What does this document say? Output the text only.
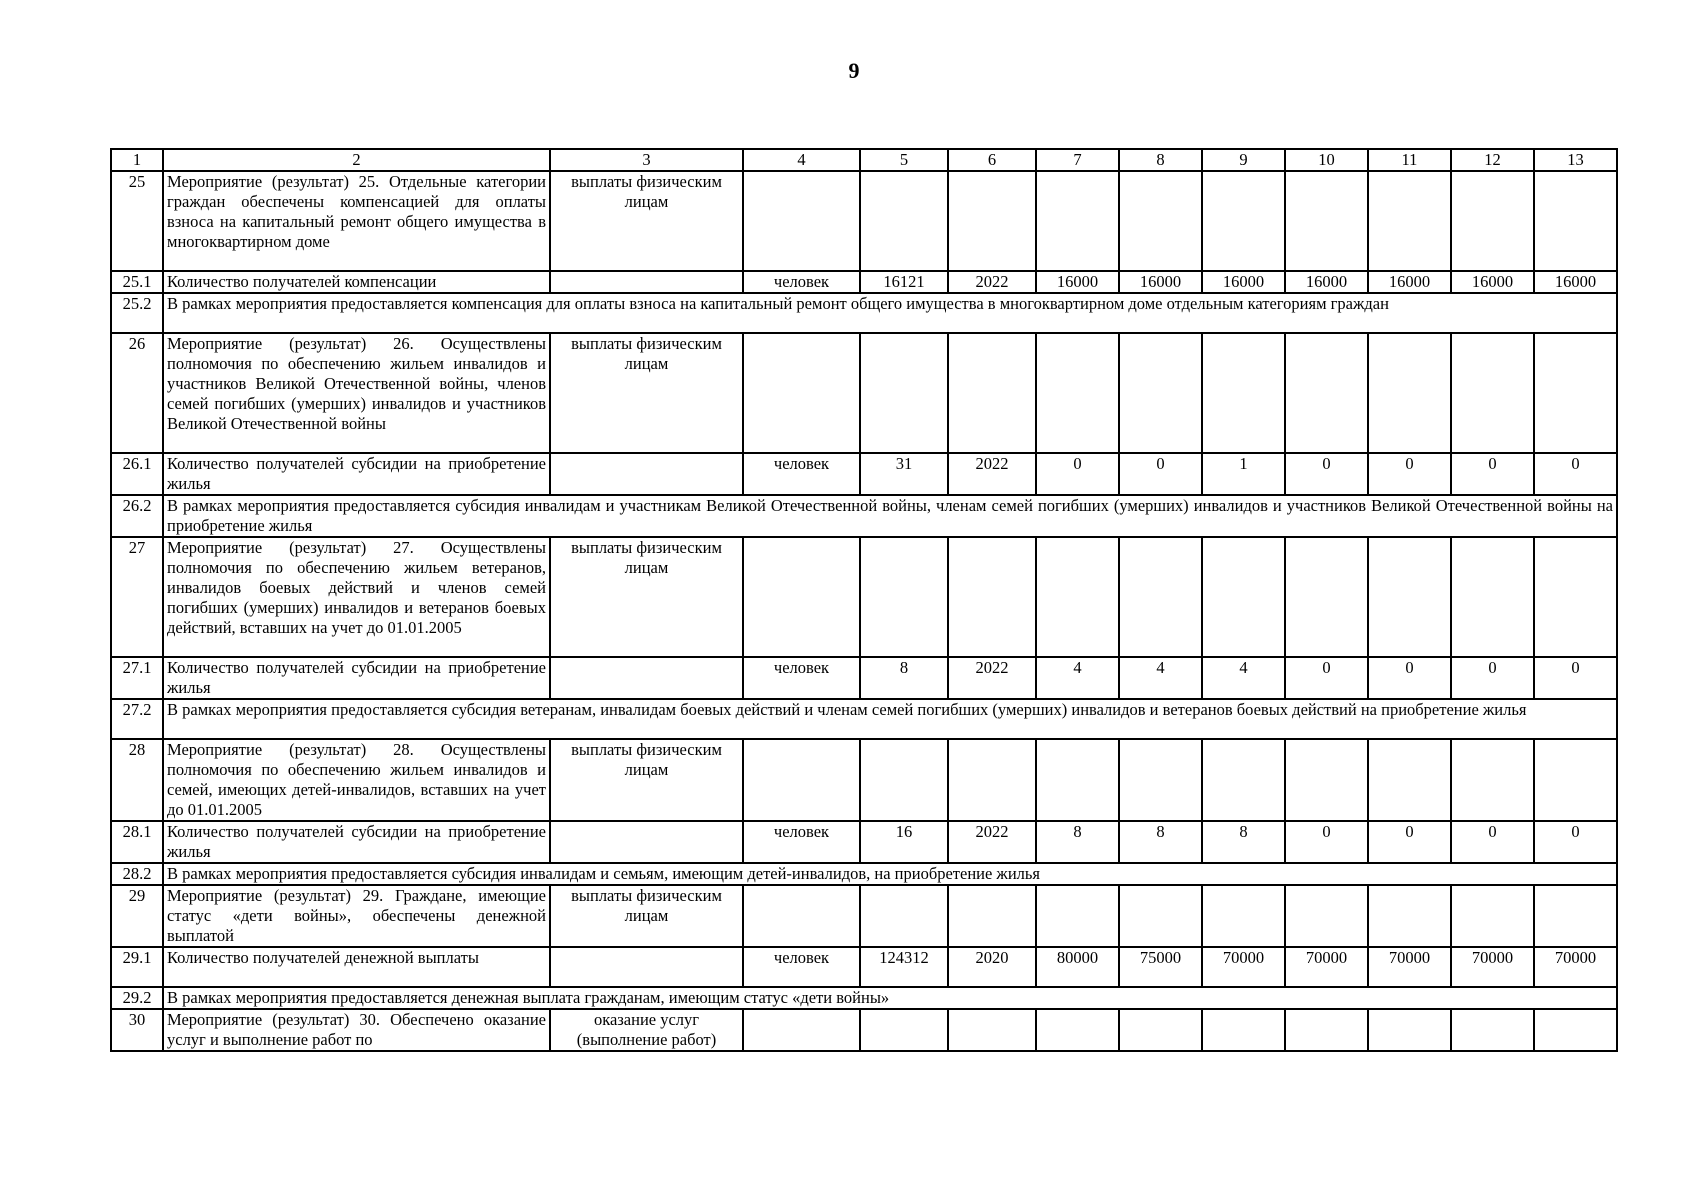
9
1	2	3	4	5	6	7	8	9	10	11	12	13
25	Мероприятие (результат) 25. Отдельные категории граждан обеспечены компенсацией для оплаты взноса на капитальный ремонт общего имущества в многоквартирном доме	выплаты физическим лицам										
25.1	Количество получателей компенсации		человек	16121	2022	16000	16000	16000	16000	16000	16000	16000
25.2	В рамках мероприятия предоставляется компенсация для оплаты взноса на капитальный ремонт общего имущества в многоквартирном доме отдельным категориям граждан											
26	Мероприятие (результат) 26. Осуществлены полномочия по обеспечению жильем инвалидов и участников Великой Отечественной войны, членов семей погибших (умерших) инвалидов и участников Великой Отечественной войны	выплаты физическим лицам										
26.1	Количество получателей субсидии на приобретение жилья		человек	31	2022	0	0	1	0	0	0	0
26.2	В рамках мероприятия предоставляется субсидия инвалидам и участникам Великой Отечественной войны, членам семей погибших (умерших) инвалидов и участников Великой Отечественной войны на приобретение жилья											
27	Мероприятие (результат) 27. Осуществлены полномочия по обеспечению жильем ветеранов, инвалидов боевых действий и членов семей погибших (умерших) инвалидов и ветеранов боевых действий, вставших на учет до 01.01.2005	выплаты физическим лицам										
27.1	Количество получателей субсидии на приобретение жилья		человек	8	2022	4	4	4	0	0	0	0
27.2	В рамках мероприятия предоставляется субсидия ветеранам, инвалидам боевых действий и членам семей погибших (умерших) инвалидов и ветеранов боевых действий на приобретение жилья											
28	Мероприятие (результат) 28. Осуществлены полномочия по обеспечению жильем инвалидов и семей, имеющих детей-инвалидов, вставших на учет до 01.01.2005	выплаты физическим лицам										
28.1	Количество получателей субсидии на приобретение жилья		человек	16	2022	8	8	8	0	0	0	0
28.2	В рамках мероприятия предоставляется субсидия инвалидам и семьям, имеющим детей-инвалидов, на приобретение жилья											
29	Мероприятие (результат) 29. Граждане, имеющие статус «дети войны», обеспечены денежной выплатой	выплаты физическим лицам										
29.1	Количество получателей денежной выплаты		человек	124312	2020	80000	75000	70000	70000	70000	70000	70000
29.2	В рамках мероприятия предоставляется денежная выплата гражданам, имеющим статус «дети войны»											
30	Мероприятие (результат) 30. Обеспечено оказание услуг и выполнение работ по	оказание услуг (выполнение работ)										
